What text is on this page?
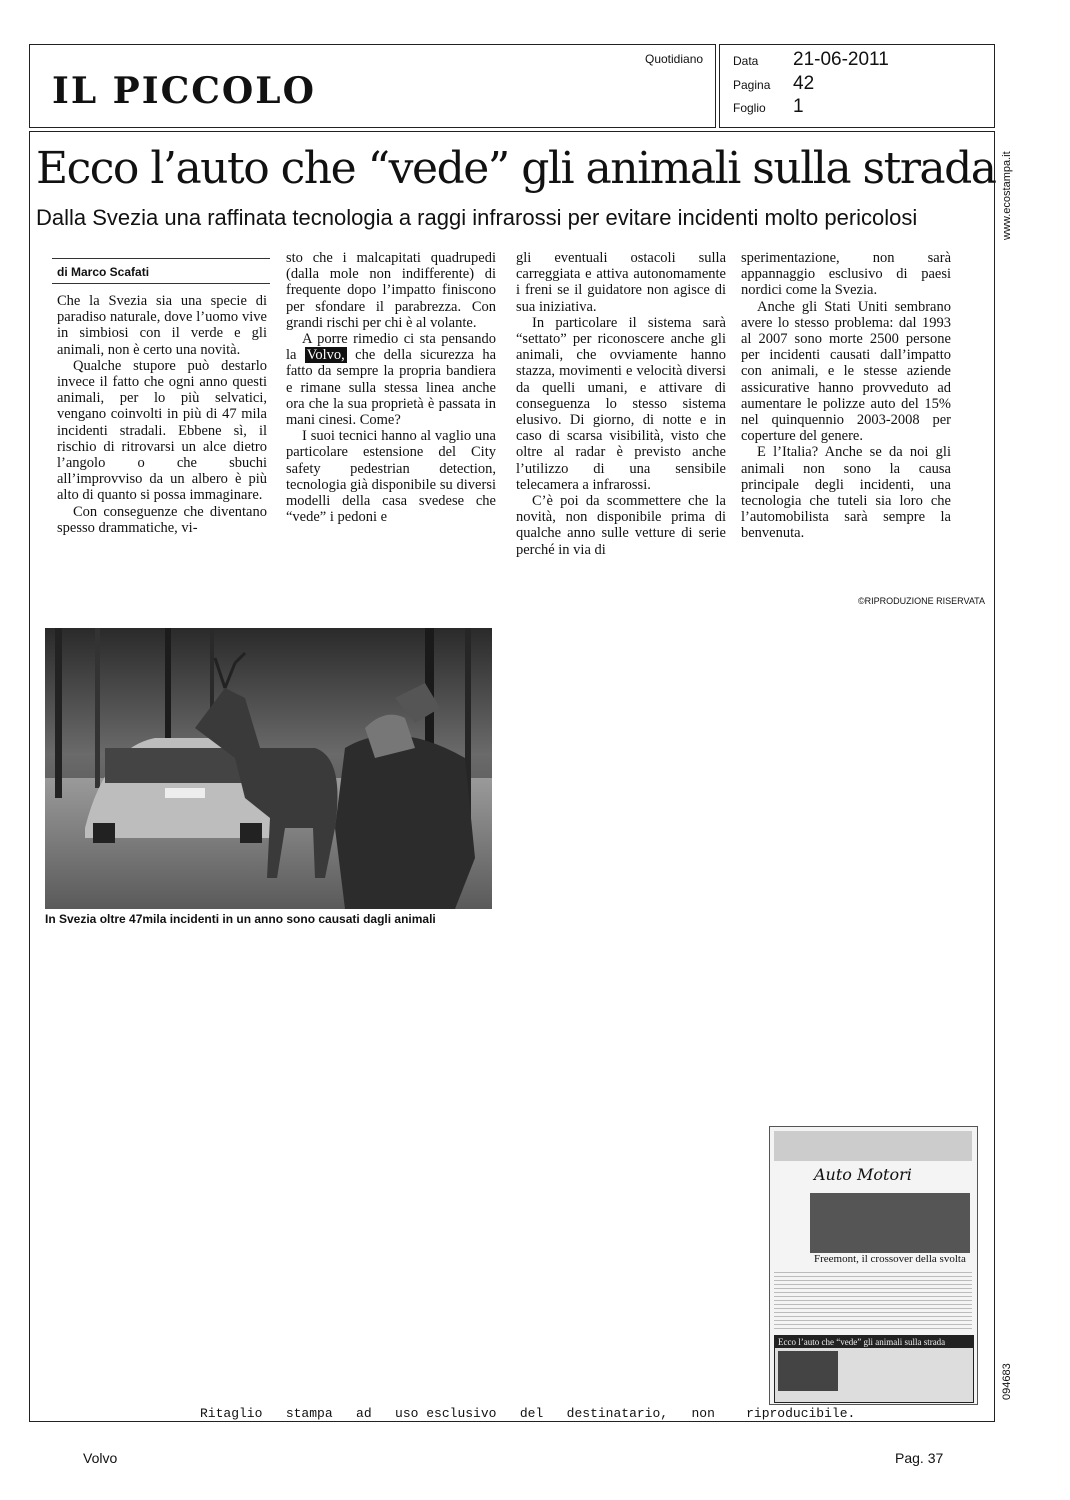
IL PICCOLO
Quotidiano Data 21-06-2011
Pagina 42
Foglio 1
www.ecostampa.it
094683
Ecco l’auto che “vede” gli animali sulla strada
Dalla Svezia una raffinata tecnologia a raggi infrarossi per evitare incidenti molto pericolosi
di Marco Scafati

Che la Svezia sia una specie di paradiso naturale, dove l’uomo vive in simbiosi con il verde e gli animali, non è certo una novità.

Qualche stupore può destarlo invece il fatto che ogni anno questi animali, per lo più selvatici, vengano coinvolti in più di 47 mila incidenti stradali. Ebbene sì, il rischio di ritrovarsi un alce dietro l’angolo o che sbuchi all’improvviso da un albero è più alto di quanto si possa immaginare.

Con conseguenze che diventano spesso drammatiche, vi-

sto che i malcapitati quadrupedi (dalla mole non indifferente) di frequente dopo l’impatto finiscono per sfondare il parabrezza. Con grandi rischi per chi è al volante.

A porre rimedio ci sta pensando la Volvo, che della sicurezza ha fatto da sempre la propria bandiera e rimane sulla stessa linea anche ora che la sua proprietà è passata in mani cinesi. Come?

I suoi tecnici hanno al vaglio una particolare estensione del City safety pedestrian detection, tecnologia già disponibile su diversi modelli della casa svedese che “vede” i pedoni e

gli eventuali ostacoli sulla carreggiata e attiva autonomamente i freni se il guidatore non agisce di sua iniziativa.

In particolare il sistema sarà “settato” per riconoscere anche gli animali, che ovviamente hanno stazza, movimenti e velocità diversi da quelli umani, e attivare di conseguenza lo stesso sistema elusivo. Di giorno, di notte e in caso di scarsa visibilità, visto che oltre al radar è previsto anche l’utilizzo di una sensibile telecamera a infrarossi.

C’è poi da scommettere che la novità, non disponibile prima di qualche anno sulle vetture di serie perché in via di

sperimentazione, non sarà appannaggio esclusivo di paesi nordici come la Svezia.

Anche gli Stati Uniti sembrano avere lo stesso problema: dal 1993 al 2007 sono morte 2500 persone per incidenti causati dall’impatto con animali, e le stesse aziende assicurative hanno provveduto ad aumentare le polizze auto del 15% nel quinquennio 2003-2008 per coperture del genere.

E l’Italia? Anche se da noi gli animali non sono la causa principale degli incidenti, una tecnologia che tuteli sia loro che l’automobilista sarà sempre la benvenuta.

©RIPRODUZIONE RISERVATA
In Svezia oltre 47mila incidenti in un anno sono causati dagli animali
Auto Motori
Freemont, il crossover della svolta
Ecco l’auto che “vede” gli animali sulla strada
Ritaglio   stampa   ad   uso esclusivo   del   destinatario,   non    riproducibile.
Volvo	Pag. 37
